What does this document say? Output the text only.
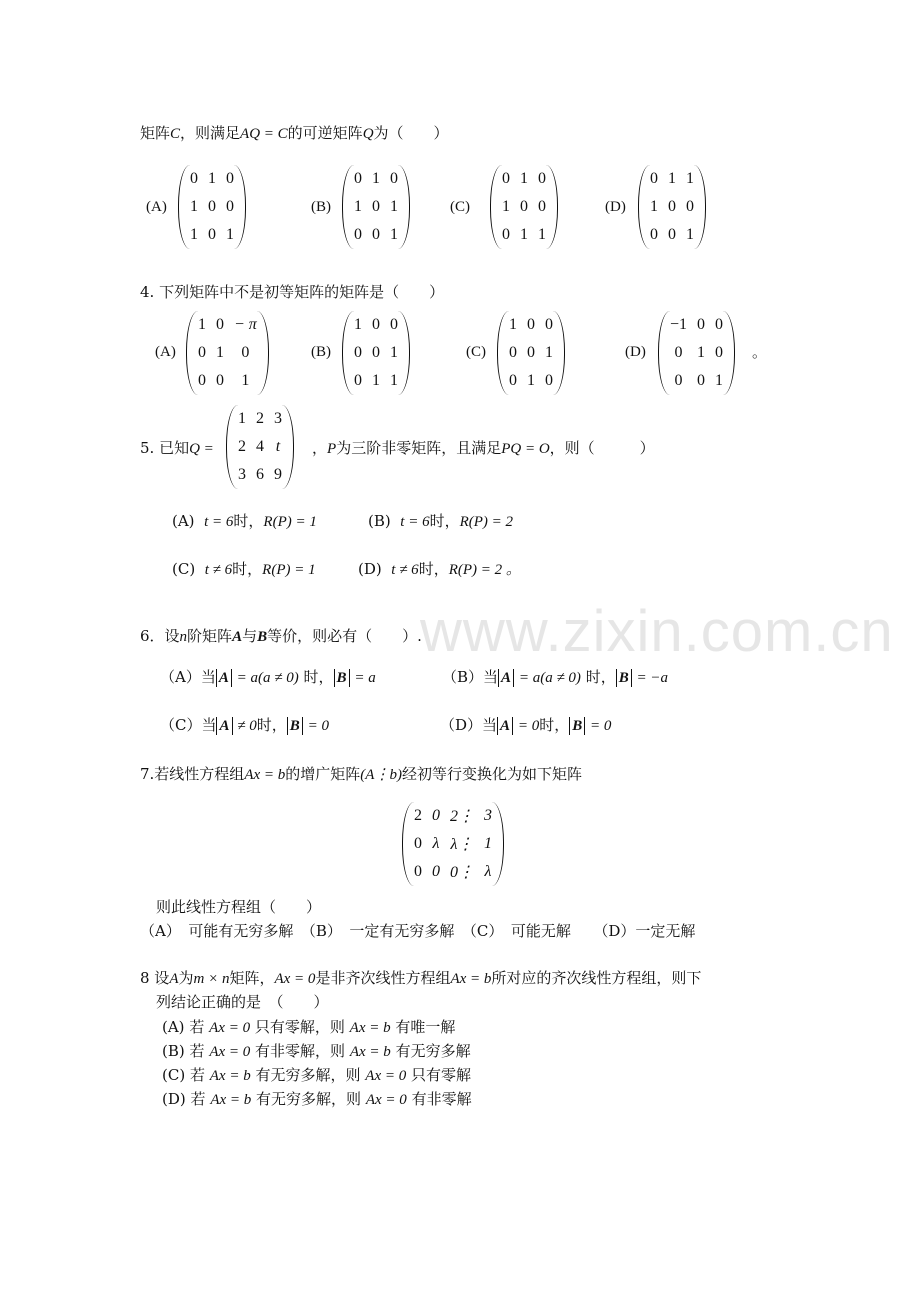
www.zixin.com.cn
矩阵C，则满足AQ = C的可逆矩阵Q为（　　）
(A)
0	1	0
1	0	0
1	0	1
(B)
0	1	0
1	0	1
0	0	1
(C)
0	1	0
1	0	0
0	1	1
(D)
0	1	1
1	0	0
0	0	1
4. 下列矩阵中不是初等矩阵的矩阵是（　　）
(A)
1	0	− π
0	1	0
0	0	1
(B)
1	0	0
0	0	1
0	1	1
(C)
1	0	0
0	0	1
0	1	0
(D)
−1	0	0
0	1	0
0	0	1
。
5. 已知Q =
1	2	3
2	4	t
3	6	9
，P为三阶非零矩阵，且满足PQ = O，则（　　　）
(A) t = 6时，R(P) = 1	(B) t = 6时，R(P) = 2
(C) t ≠ 6时，R(P) = 1	(D) t ≠ 6时，R(P) = 2 。
6．设n阶矩阵A与B等价，则必有（　　）.
（A）当 A = a(a ≠ 0) 时， B = a	（B）当 A = a(a ≠ 0) 时， B = −a
（C）当 A ≠ 0时， B = 0	（D）当 A = 0时， B = 0
7.若线性方程组Ax = b的增广矩阵(A⋮b)经初等行变换化为如下矩阵
2	0	2⋮	3
0	λ	λ⋮	1
0	0	0⋮	λ
则此线性方程组（　　）
（A）　可能有无穷多解　（B）　一定有无穷多解　（C）　可能无解　　（D）一定无解
8 设A为m × n矩阵，Ax = 0是非齐次线性方程组Ax = b所对应的齐次线性方程组，则下
列结论正确的是　（　　）
(A) 若 Ax = 0 只有零解，则 Ax = b 有唯一解
(B) 若 Ax = 0 有非零解，则 Ax = b 有无穷多解
(C) 若 Ax = b 有无穷多解，则 Ax = 0 只有零解
(D) 若 Ax = b 有无穷多解，则 Ax = 0 有非零解
